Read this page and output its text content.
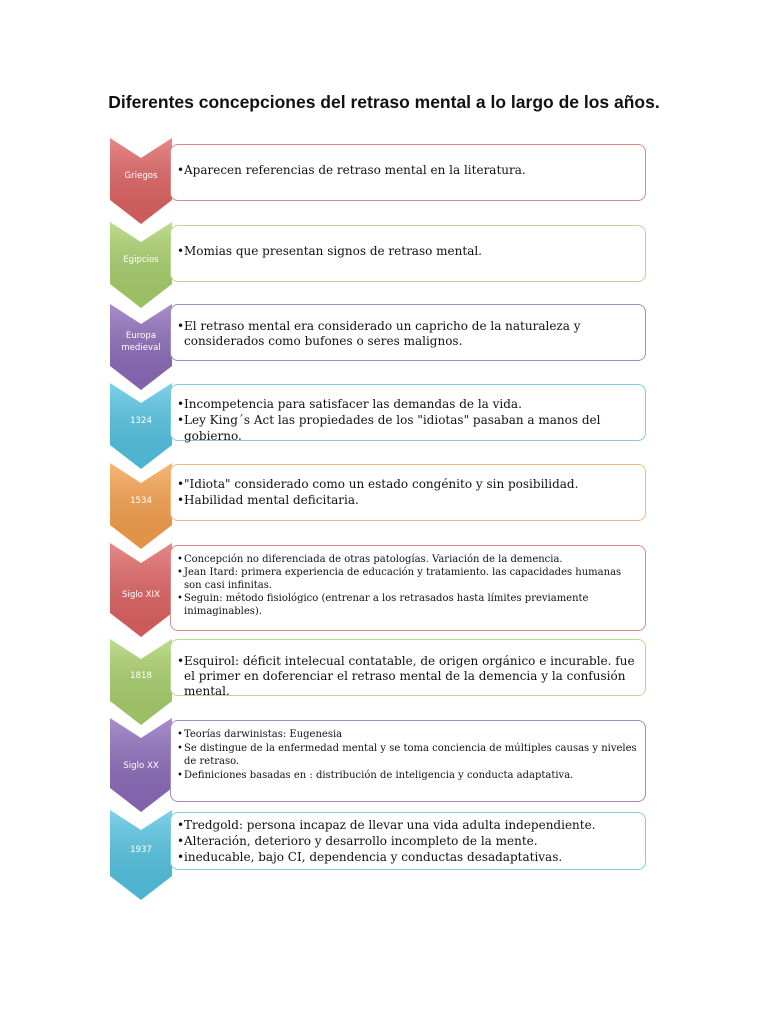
Diferentes concepciones del retraso mental a lo largo de los años.
Griegos
•	Aparecen referencias de retraso mental en la literatura.
Egipcios
• Momias que presentan signos de retraso mental.
Europa medieval
• El retraso mental era considerado un capricho de la naturaleza y considerados como bufones o seres malignos.
1324
• Incompetencia para satisfacer las demandas de la vida.
• Ley King´s Act las propiedades de los "idiotas" pasaban a manos del gobierno.
1534
• "Idiota" considerado como un estado congénito y sin posibilidad.
• Habilidad mental deficitaria.
Siglo XIX
• Concepción no diferenciada de otras patologías. Variación de la demencia.
• Jean Itard: primera experiencia de educación y tratamiento. las capacidades humanas son casi infinitas.
• Seguin: método fisiológico (entrenar a los retrasados hasta límites previamente inimaginables).
1818
• Esquirol: déficit intelecual contatable, de origen orgánico e incurable. fue el primer en doferenciar el retraso mental de la demencia y la confusión mental.
Siglo XX
• Teorías darwinistas: Eugenesia
• Se distingue de la enfermedad mental y se toma conciencia de múltiples causas y niveles de retraso.
• Definiciones basadas en : distribución de inteligencia y conducta adaptativa.
1937
• Tredgold: persona incapaz de llevar una vida adulta independiente.
• Alteración, deterioro y desarrollo incompleto de la mente.
• ineducable, bajo CI, dependencia y conductas desadaptativas.
